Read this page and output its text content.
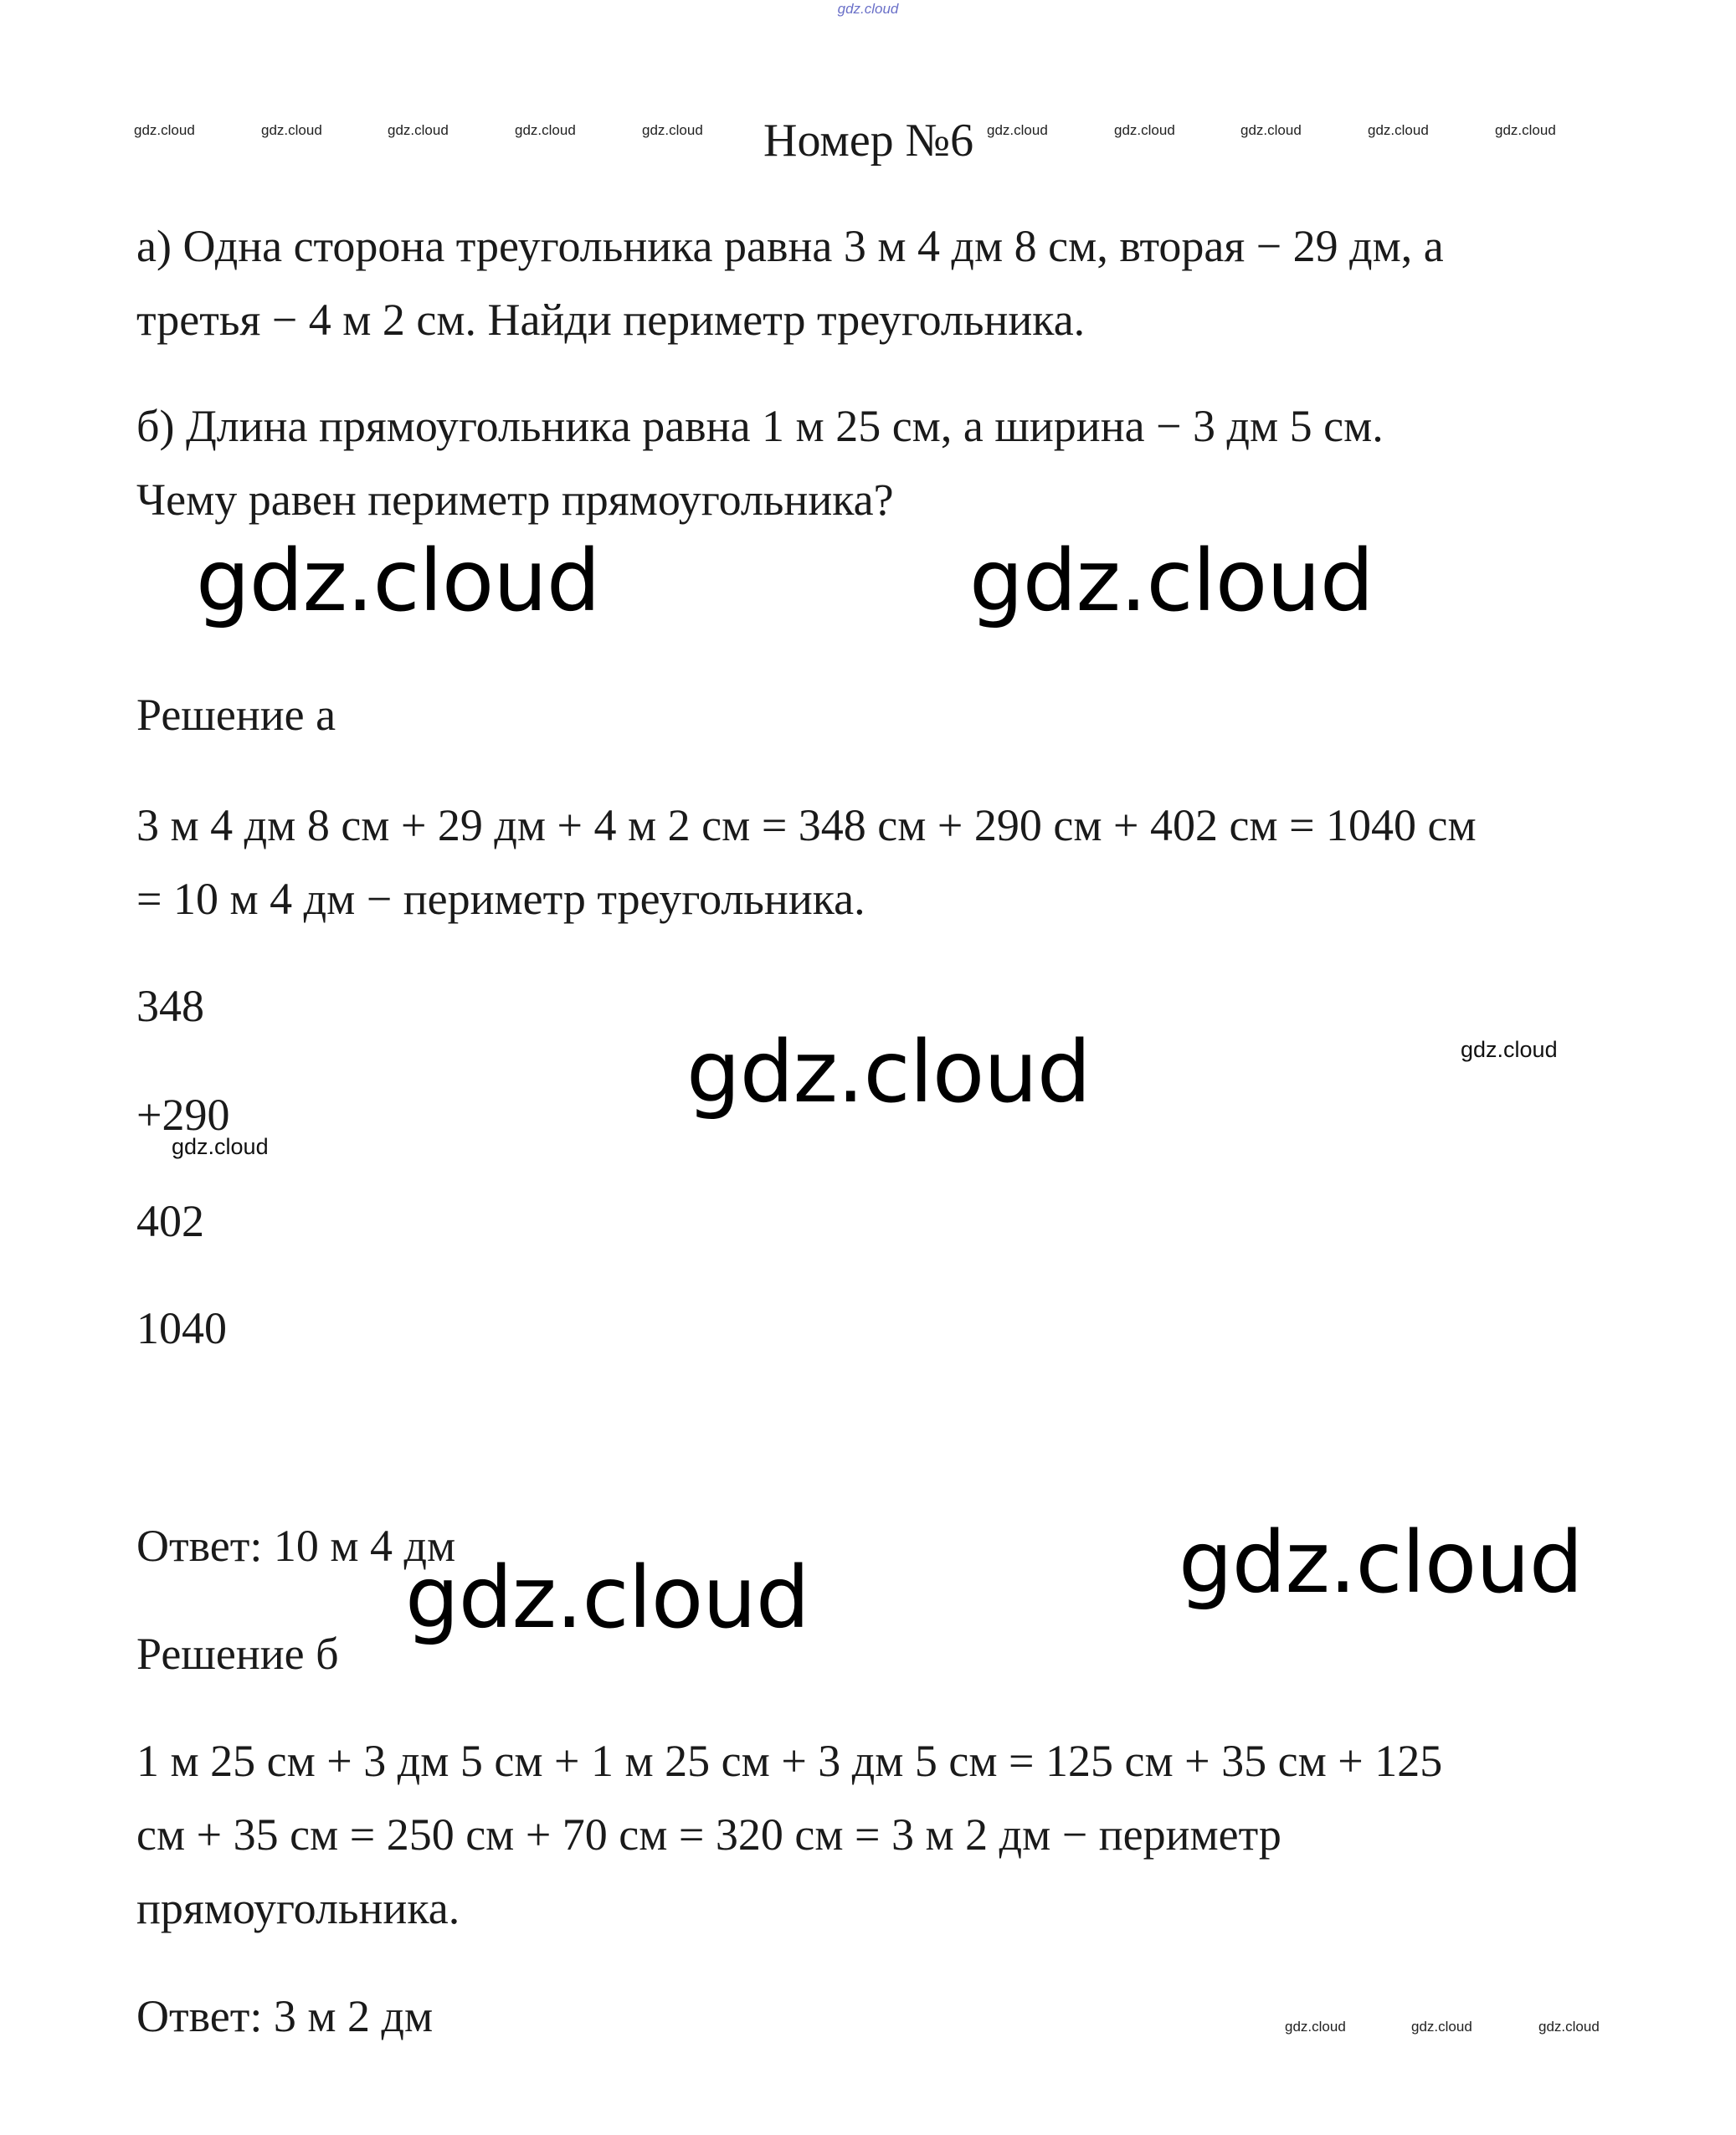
gdz.cloud
gdz.cloud	gdz.cloud	gdz.cloud	gdz.cloud	gdz.cloud Номер №6 gdz.cloud	gdz.cloud	gdz.cloud	gdz.cloud	gdz.cloud
а) Одна сторона треугольника равна 3 м 4 дм 8 см, вторая − 29 дм, а
третья − 4 м 2 см. Найди периметр треугольника.
б) Длина прямоугольника равна 1 м 25 см, а ширина − 3 дм 5 см.
Чему равен периметр прямоугольника?
gdz.cloud	gdz.cloud
Решение а
3 м 4 дм 8 см + 29 дм + 4 м 2 см = 348 см + 290 см + 402 см = 1040 см
= 10 м 4 дм − периметр треугольника.
348
gdz.cloud	gdz.cloud
+290
gdz.cloud
402
1040
Ответ: 10 м 4 дм	gdz.cloud
gdz.cloud
Решение б
1 м 25 см + 3 дм 5 см + 1 м 25 см + 3 дм 5 см = 125 см + 35 см + 125
см + 35 см = 250 см + 70 см = 320 см = 3 м 2 дм − периметр
прямоугольника.
Ответ: 3 м 2 дм	gdz.cloud	gdz.cloud	gdz.cloud
